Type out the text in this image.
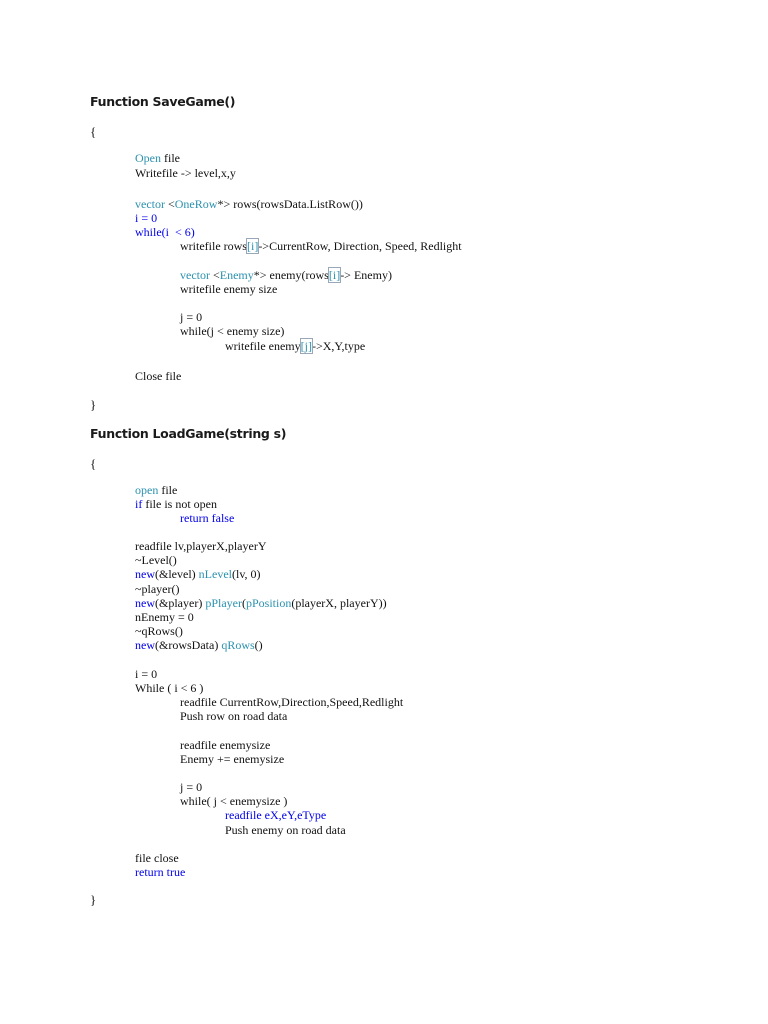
Function SaveGame()
{
Open file
Writefile -> level,x,y
vector <OneRow*> rows(rowsData.ListRow())
i = 0
while(i  < 6)
writefile rows[i]->CurrentRow, Direction, Speed, Redlight
vector <Enemy*> enemy(rows[i]-> Enemy)
writefile enemy size
j = 0
while(j < enemy size)
writefile enemy[j]->X,Y,type
Close file
}
Function LoadGame(string s)
{
open file
if file is not open
return false
readfile lv,playerX,playerY
~Level()
new(&level) nLevel(lv, 0)
~player()
new(&player) pPlayer(pPosition(playerX, playerY))
nEnemy = 0
~qRows()
new(&rowsData) qRows()
i = 0
While ( i < 6 )
readfile CurrentRow,Direction,Speed,Redlight
Push row on road data
readfile enemysize
Enemy += enemysize
j = 0
while( j < enemysize )
readfile eX,eY,eType
Push enemy on road data
file close
return true
}
